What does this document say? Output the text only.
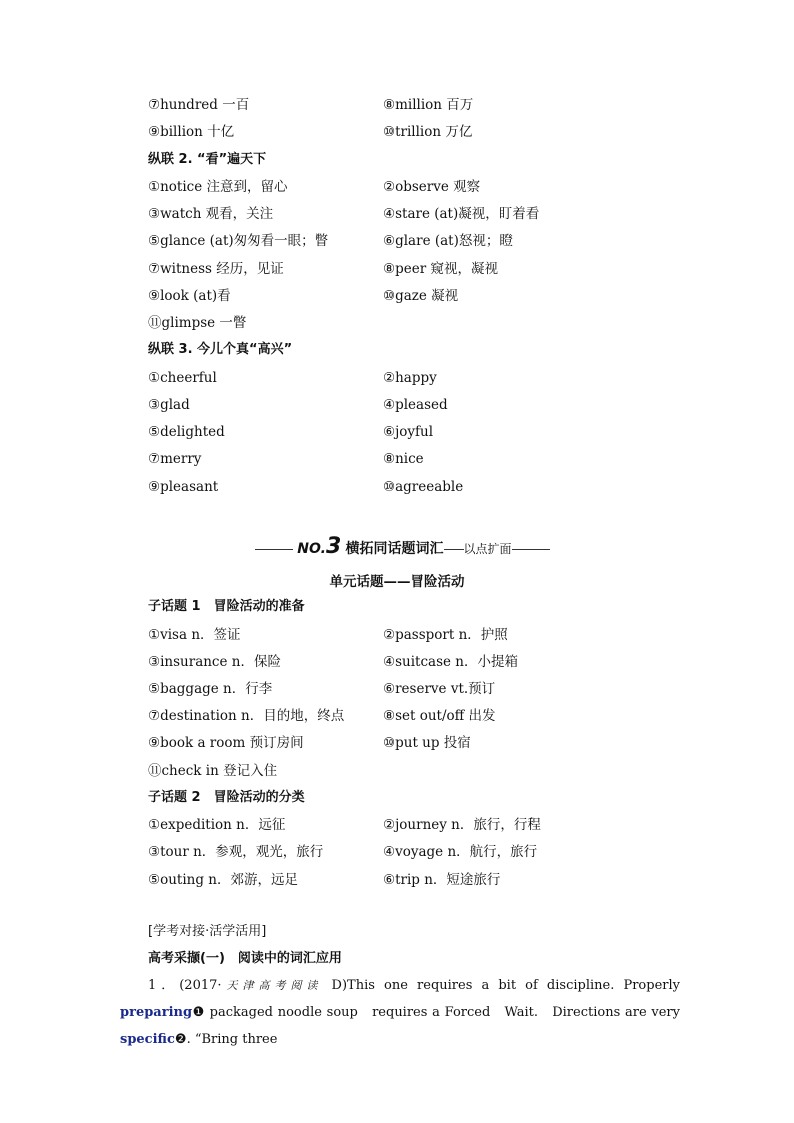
⑦hundred 一百	⑧million 百万
⑨billion 十亿	⑩trillion 万亿
纵联 2. “看”遍天下
①notice 注意到，留心	②observe 观察
③watch 观看，关注	④stare (at)凝视，盯着看
⑤glance (at)匆匆看一眼；瞥	⑥glare (at)怒视；瞪
⑦witness 经历，见证	⑧peer 窥视，凝视
⑨look (at)看	⑩gaze 凝视
⑪glimpse 一瞥
纵联 3. 今儿个真“高兴”
①cheerful	②happy
③glad	④pleased
⑤delighted	⑥joyful
⑦merry	⑧nice
⑨pleasant	⑩agreeable
NO.3 横拓同话题词汇 以点扩面
单元话题——冒险活动
子话题 1　冒险活动的准备
①visa n．签证	②passport n．护照
③insurance n．保险	④suitcase n．小提箱
⑤baggage n．行李	⑥reserve vt.预订
⑦destination n．目的地，终点	⑧set out/off 出发
⑨book a room 预订房间	⑩put up 投宿
⑪check in 登记入住
子话题 2　冒险活动的分类
①expedition n．远征	②journey n．旅行，行程
③tour n．参观，观光，旅行	④voyage n．航行，旅行
⑤outing n．郊游，远足	⑥trip n．短途旅行
[学考对接·活学活用]
高考采撷(一)　阅读中的词汇应用
1．(2017·天津高考阅读 D)This one requires a bit of discipline. Properly preparing❶ packaged noodle soup　requires a Forced　Wait.　Directions are very specific❷. “Bring three
